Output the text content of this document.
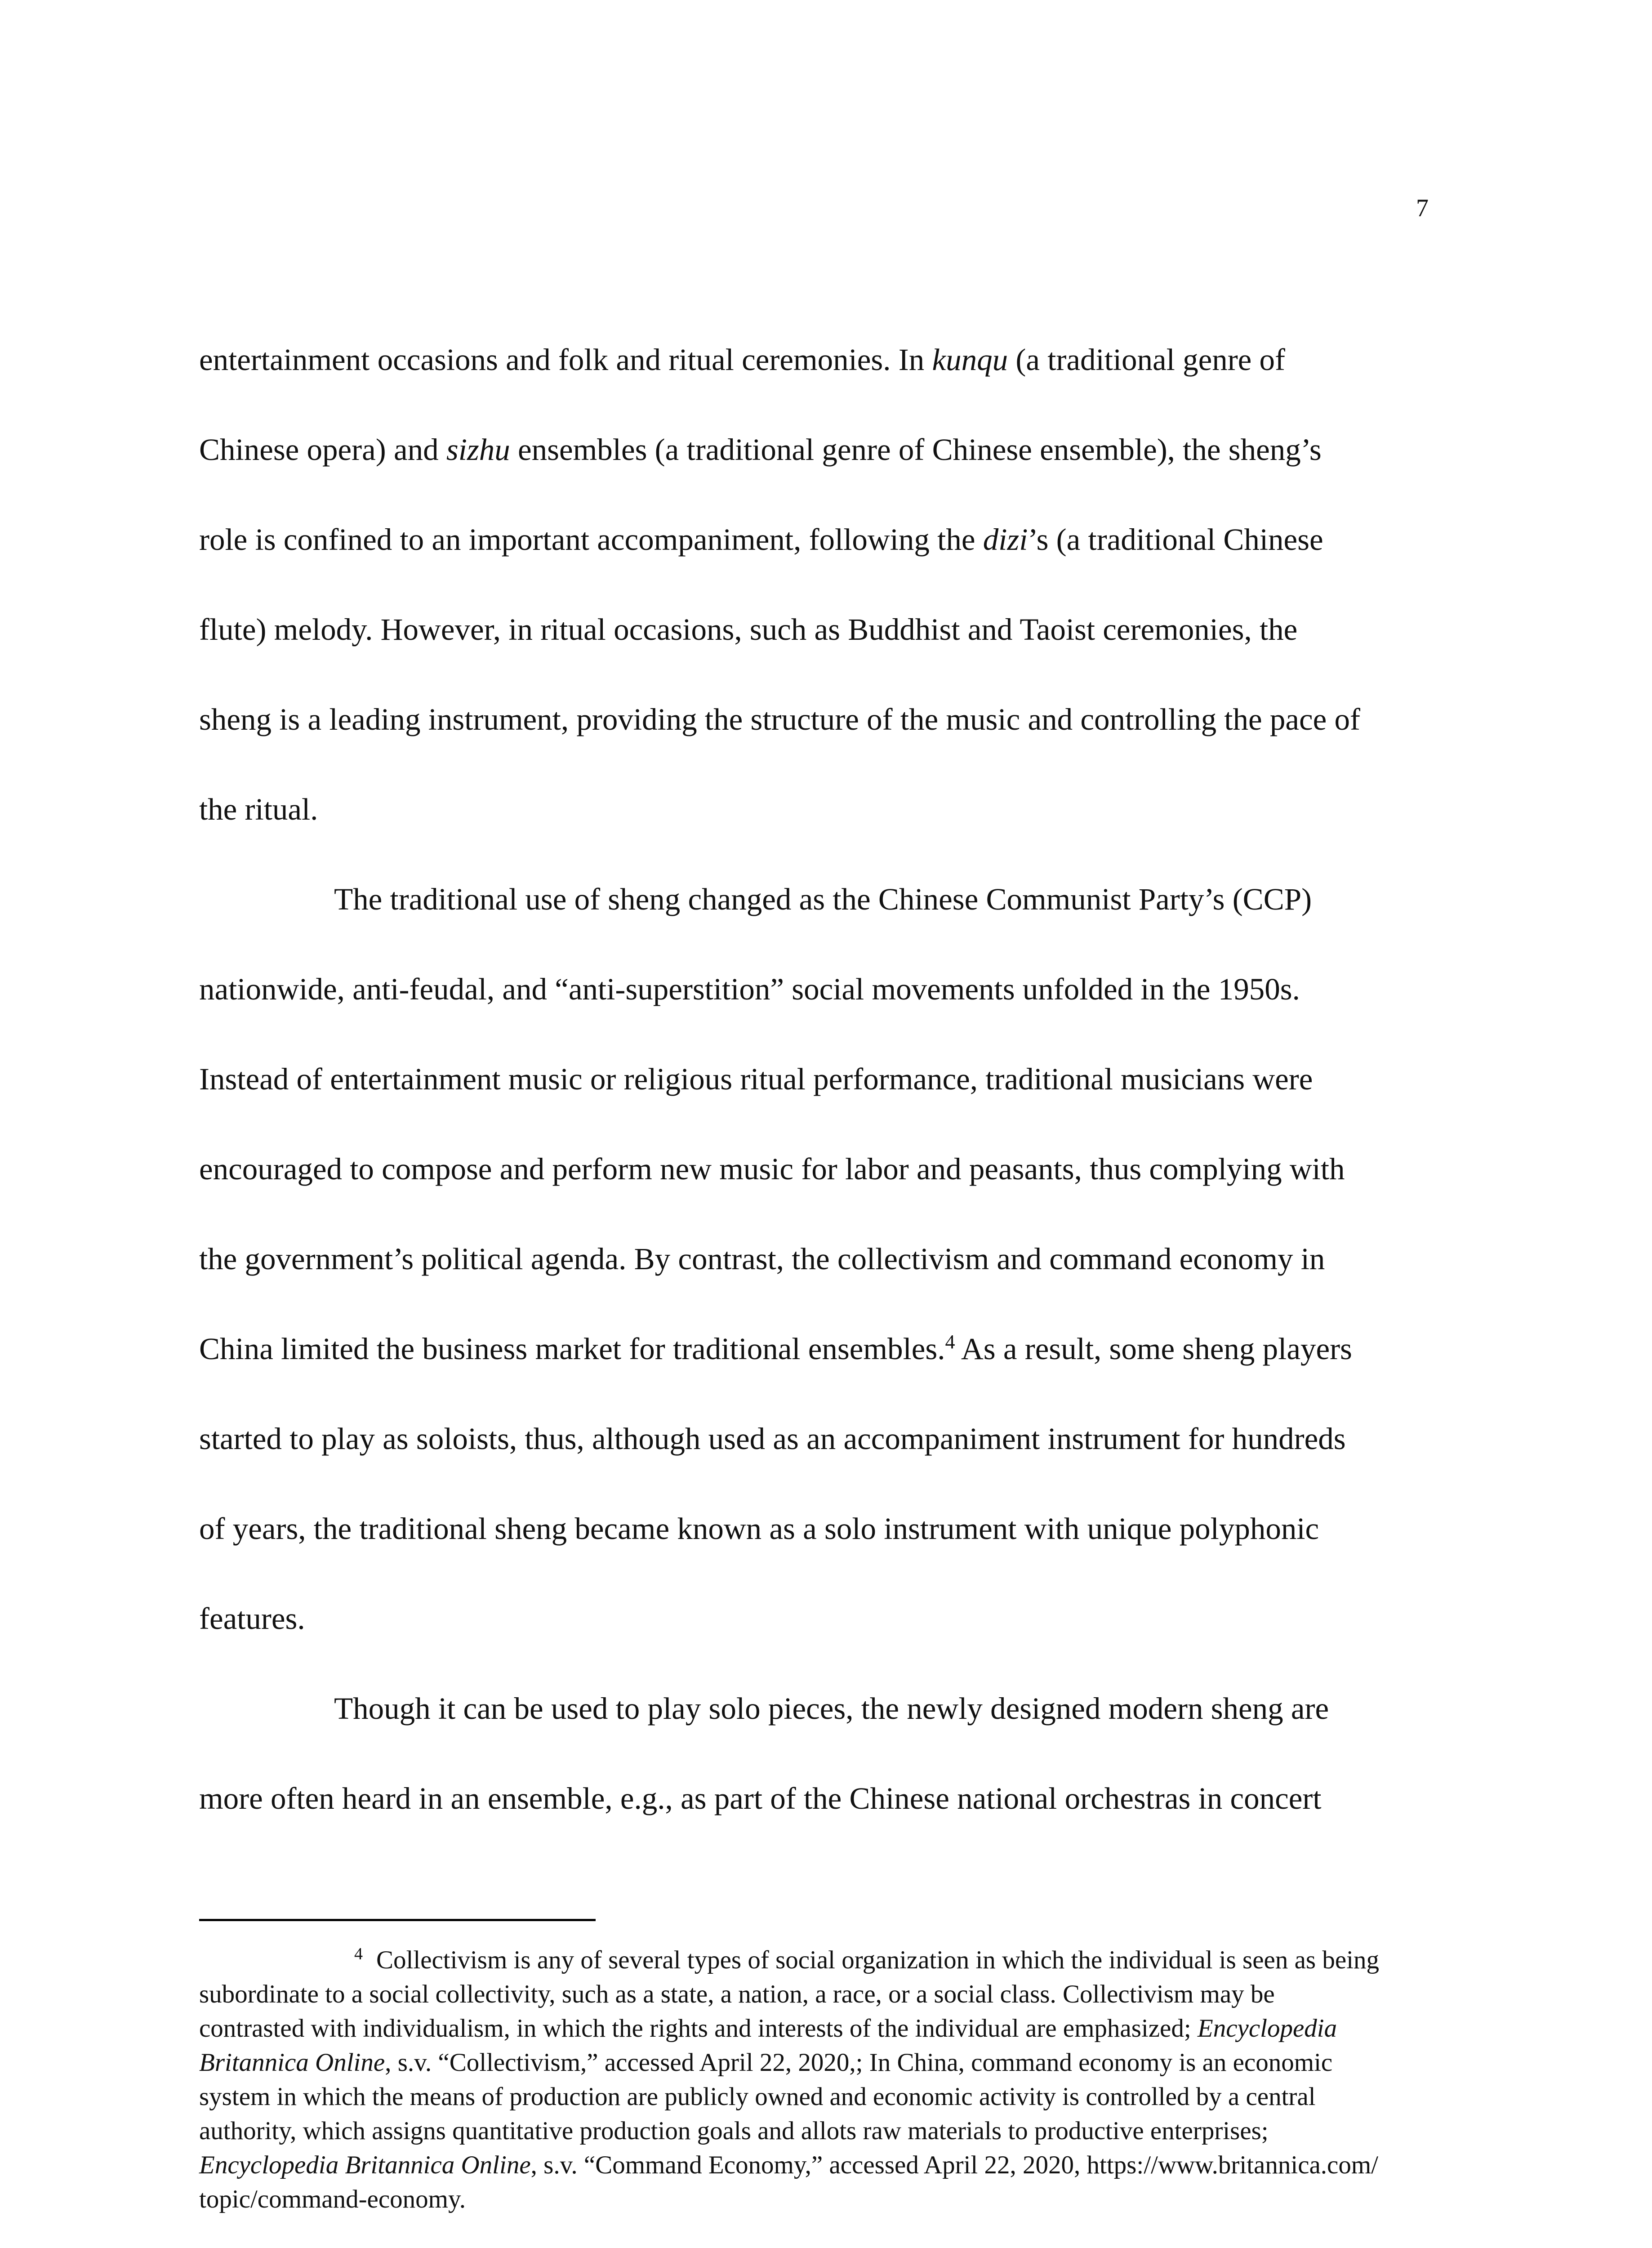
7
entertainment occasions and folk and ritual ceremonies. In kunqu (a traditional genre of
Chinese opera) and sizhu ensembles (a traditional genre of Chinese ensemble), the sheng’s
role is confined to an important accompaniment, following the dizi’s (a traditional Chinese
flute) melody. However, in ritual occasions, such as Buddhist and Taoist ceremonies, the
sheng is a leading instrument, providing the structure of the music and controlling the pace of
the ritual.
The traditional use of sheng changed as the Chinese Communist Party’s (CCP)
nationwide, anti-feudal, and “anti-superstition” social movements unfolded in the 1950s.
Instead of entertainment music or religious ritual performance, traditional musicians were
encouraged to compose and perform new music for labor and peasants, thus complying with
the government’s political agenda. By contrast, the collectivism and command economy in
China limited the business market for traditional ensembles.$^4$ As a result, some sheng players
started to play as soloists, thus, although used as an accompaniment instrument for hundreds
of years, the traditional sheng became known as a solo instrument with unique polyphonic
features.
Though it can be used to play solo pieces, the newly designed modern sheng are
more often heard in an ensemble, e.g., as part of the Chinese national orchestras in concert
$^4$ Collectivism is any of several types of social organization in which the individual is seen as being
subordinate to a social collectivity, such as a state, a nation, a race, or a social class. Collectivism may be
contrasted with individualism, in which the rights and interests of the individual are emphasized; Encyclopedia
Britannica Online, s.v. “Collectivism,” accessed April 22, 2020,; In China, command economy is an economic
system in which the means of production are publicly owned and economic activity is controlled by a central
authority, which assigns quantitative production goals and allots raw materials to productive enterprises;
Encyclopedia Britannica Online, s.v. “Command Economy,” accessed April 22, 2020, https://www.britannica.com/
topic/command-economy.
